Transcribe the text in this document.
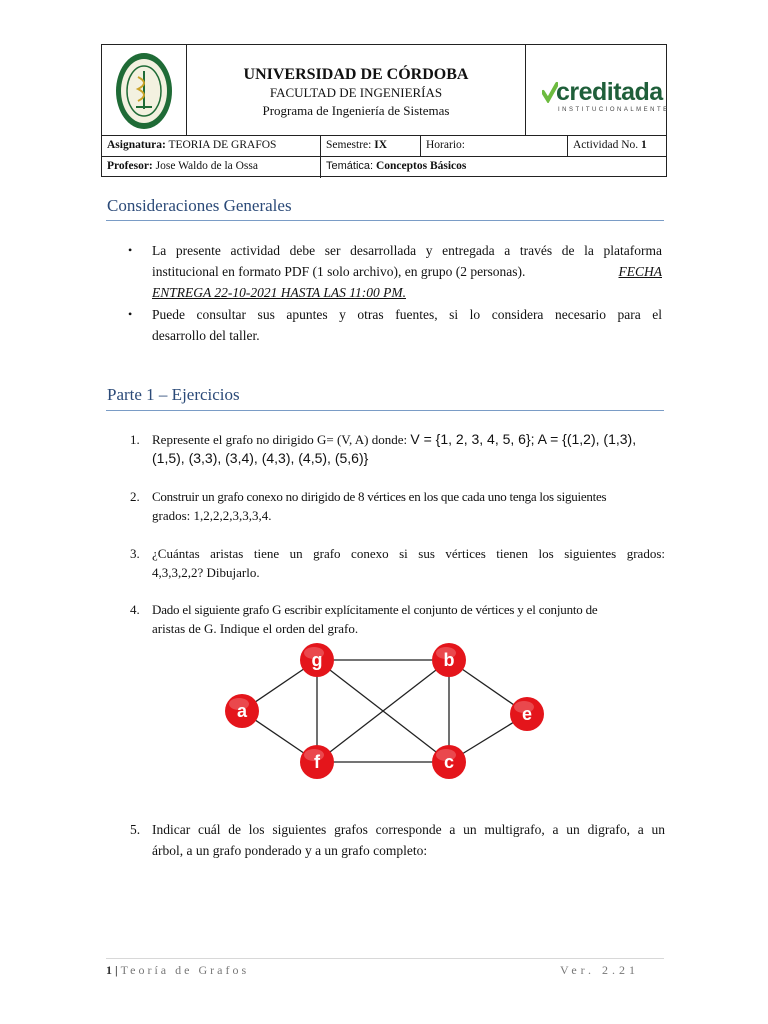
UNIVERSIDAD DE CÓRDOBA
FACULTAD DE INGENIERÍAS
Programa de Ingeniería de Sistemas
creditada
INSTITUCIONALMENTE
Asignatura: TEORIA DE GRAFOS	Semestre: IX	Horario:	Actividad No. 1
Profesor: Jose Waldo de la Ossa	Temática: Conceptos Básicos
Consideraciones Generales
• La presente actividad debe ser desarrollada y entregada a través de la plataforma
institucional en formato PDF (1 solo archivo), en grupo (2 personas).	FECHA
ENTREGA 22-10-2021 HASTA LAS 11:00 PM.
• Puede consultar sus apuntes y otras fuentes, si lo considera necesario para el
desarrollo del taller.
Parte 1 – Ejercicios
1. Represente el grafo no dirigido G= (V, A) donde: V = {1, 2, 3, 4, 5, 6}; A = {(1,2), (1,3),
(1,5), (3,3), (3,4), (4,3), (4,5), (5,6)}
2. Construir un grafo conexo no dirigido de 8 vértices en los que cada uno tenga los siguientes
grados: 1,2,2,2,3,3,3,4.
3. ¿Cuántas aristas tiene un grafo conexo si sus vértices tienen los siguientes grados:
4,3,3,2,2? Dibujarlo.
4. Dado el siguiente grafo G escribir explícitamente el conjunto de vértices y el conjunto de
aristas de G. Indique el orden del grafo.
g	b
a	e
f	c
5. Indicar cuál de los siguientes grafos corresponde a un multigrafo, a un digrafo, a un
árbol, a un grafo ponderado y a un grafo completo:
1 | Teoría de Grafos	Ver. 2.21
